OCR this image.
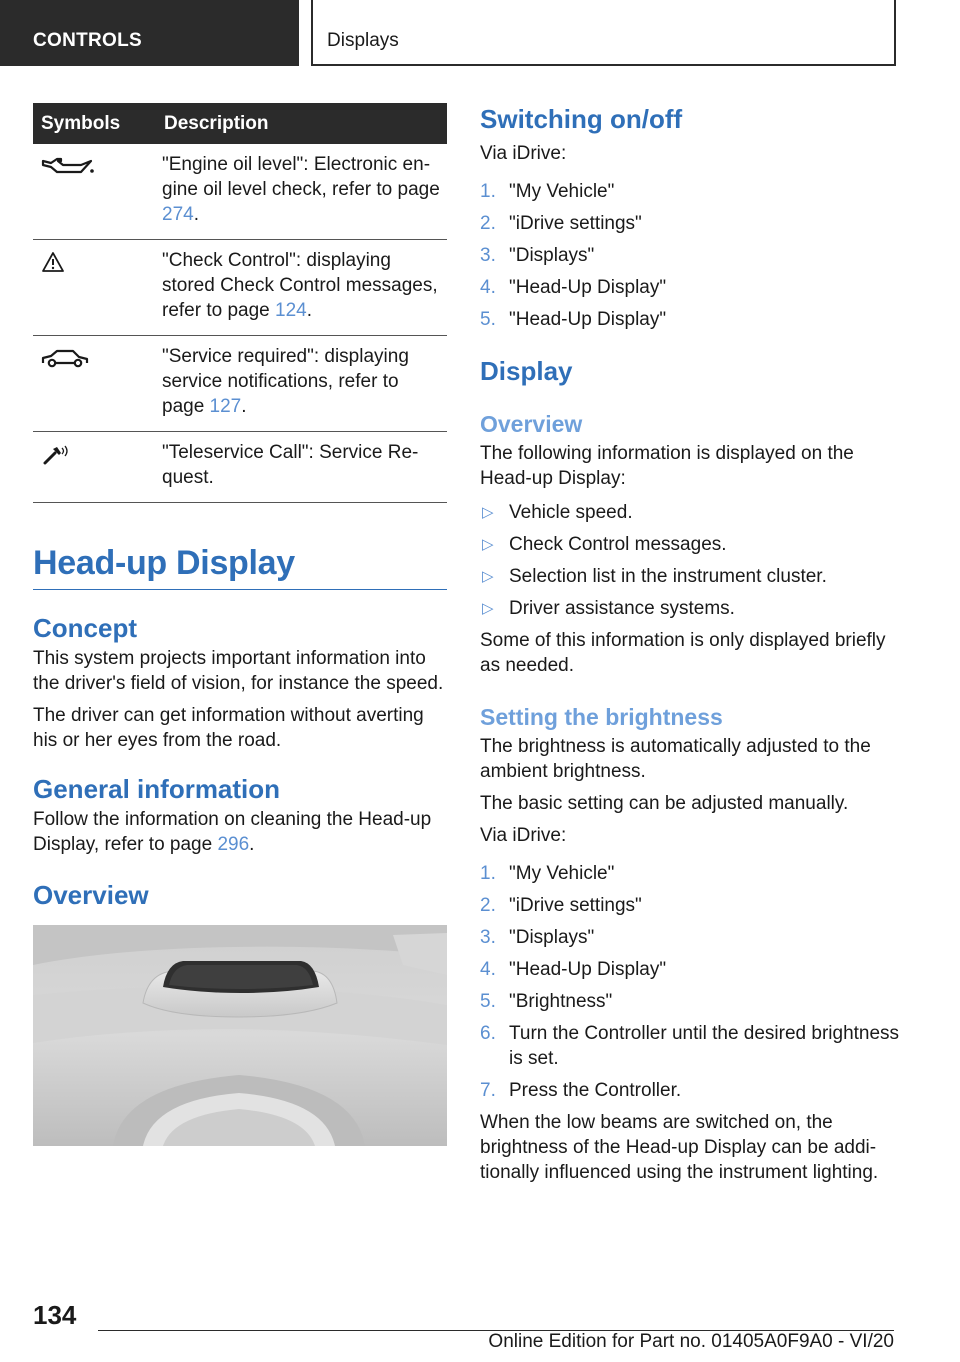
CONTROLS	Displays
Symbols	Description
	"Engine oil level": Electronic engine oil level check, refer to page 274.
	"Check Control": displaying stored Check Control messages, refer to page 124.
	"Service required": displaying service notifications, refer to page 127.
	"Teleservice Call": Service Request.
Head-up Display
Concept

This system projects important information into the driver's field of vision, for instance the speed.

The driver can get information without averting his or her eyes from the road.

General information

Follow the information on cleaning the Head-up Display, refer to page 296.

Overview
Switching on/off

Via iDrive:

1. "My Vehicle"
2. "iDrive settings"
3. "Displays"
4. "Head-Up Display"
5. "Head-Up Display"
Display
Overview

The following information is displayed on the Head-up Display:

▷ Vehicle speed.
▷ Check Control messages.
▷ Selection list in the instrument cluster.
▷ Driver assistance systems.

Some of this information is only displayed briefly as needed.

Setting the brightness

The brightness is automatically adjusted to the ambient brightness.

The basic setting can be adjusted manually.

Via iDrive:

1. "My Vehicle"
2. "iDrive settings"
3. "Displays"
4. "Head-Up Display"
5. "Brightness"
6. Turn the Controller until the desired brightness is set.
7. Press the Controller.

When the low beams are switched on, the brightness of the Head-up Display can be additionally influenced using the instrument lighting.

134
Online Edition for Part no. 01405A0F9A0 - VI/20
